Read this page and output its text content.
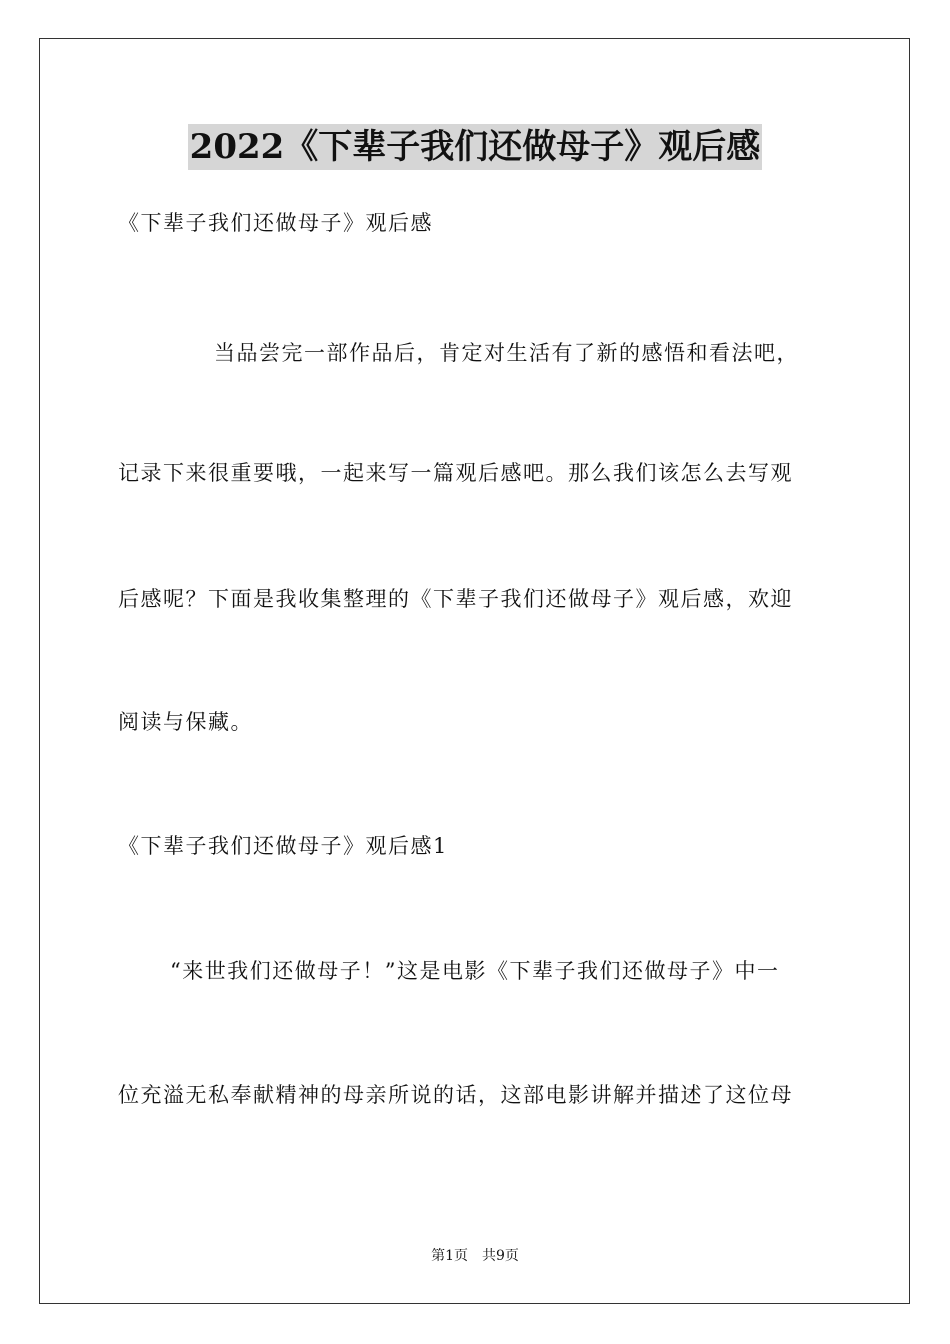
2022《下辈子我们还做母子》观后感
《下辈子我们还做母子》观后感
当品尝完一部作品后，肯定对生活有了新的感悟和看法吧，
记录下来很重要哦，一起来写一篇观后感吧。那么我们该怎么去写观
后感呢？下面是我收集整理的《下辈子我们还做母子》观后感，欢迎
阅读与保藏。
《下辈子我们还做母子》观后感1
“来世我们还做母子！”这是电影《下辈子我们还做母子》中一
位充溢无私奉献精神的母亲所说的话，这部电影讲解并描述了这位母
第1页　共9页
